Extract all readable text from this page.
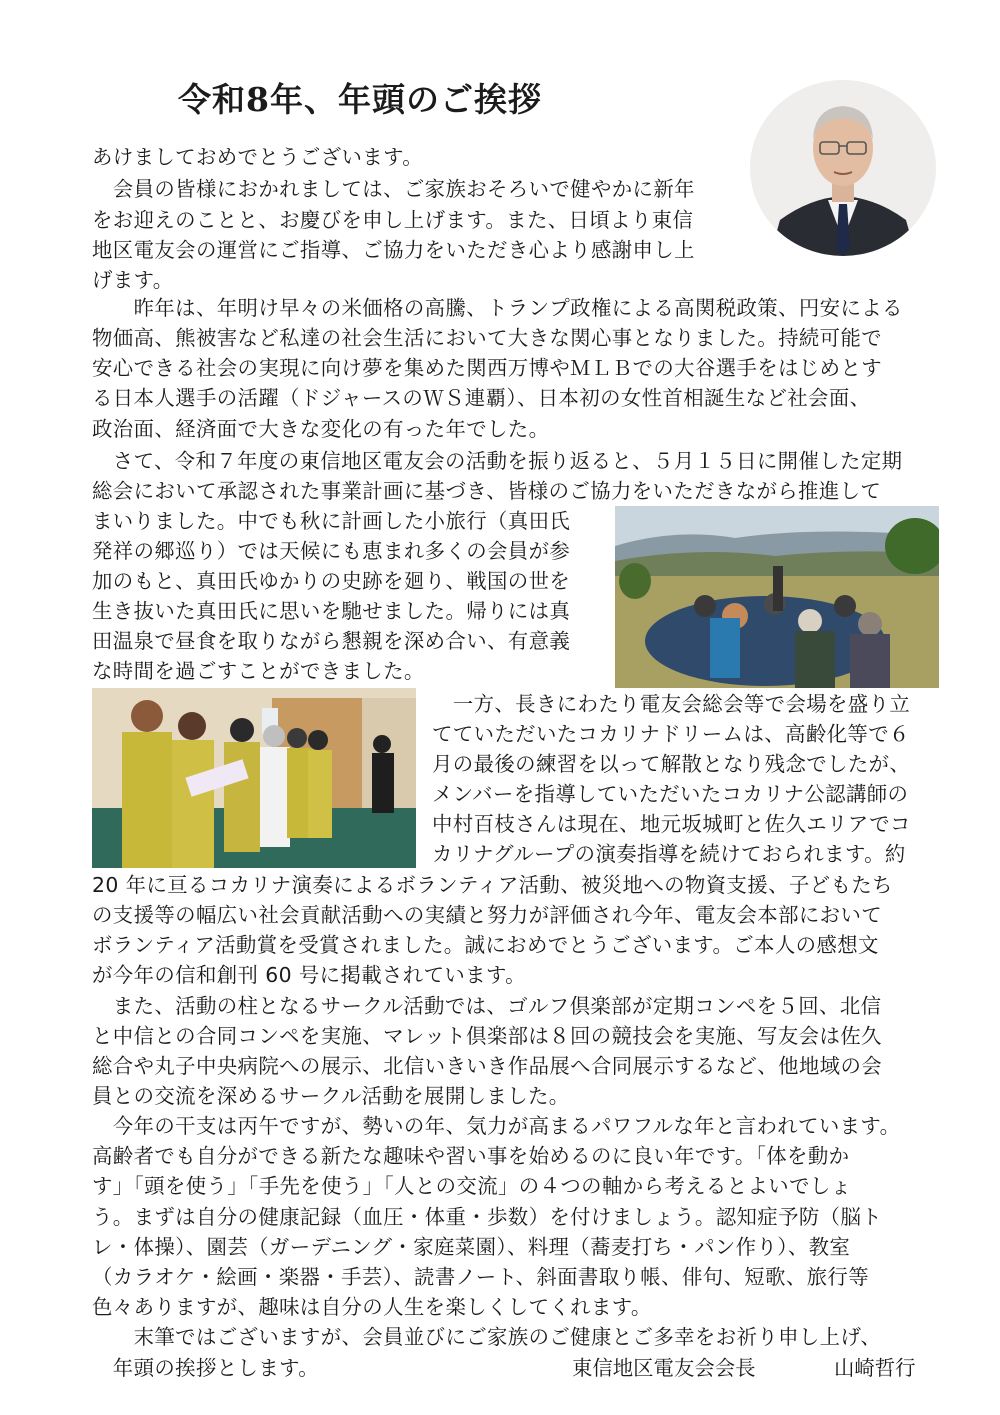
令和8年、年頭のご挨拶
あけましておめでとうございます。
　会員の皆様におかれましては、ご家族おそろいで健やかに新年
をお迎えのことと、お慶びを申し上げます。また、日頃より東信
地区電友会の運営にご指導、ご協力をいただき心より感謝申し上
げます。
　　昨年は、年明け早々の米価格の高騰、トランプ政権による高関税政策、円安による
物価高、熊被害など私達の社会生活において大きな関心事となりました。持続可能で
安心できる社会の実現に向け夢を集めた関西万博やＭＬＢでの大谷選手をはじめとす
る日本人選手の活躍（ドジャースのＷＳ連覇）、日本初の女性首相誕生など社会面、
政治面、経済面で大きな変化の有った年でした。
　さて、令和７年度の東信地区電友会の活動を振り返ると、５月１５日に開催した定期
総会において承認された事業計画に基づき、皆様のご協力をいただきながら推進して
まいりました。中でも秋に計画した小旅行（真田氏
発祥の郷巡り）では天候にも恵まれ多くの会員が参
加のもと、真田氏ゆかりの史跡を廻り、戦国の世を
生き抜いた真田氏に思いを馳せました。帰りには真
田温泉で昼食を取りながら懇親を深め合い、有意義
な時間を過ごすことができました。
　一方、長きにわたり電友会総会等で会場を盛り立
てていただいたコカリナドリームは、高齢化等で６
月の最後の練習を以って解散となり残念でしたが、
メンバーを指導していただいたコカリナ公認講師の
中村百枝さんは現在、地元坂城町と佐久エリアでコ
カリナグループの演奏指導を続けておられます。約
20 年に亘るコカリナ演奏によるボランティア活動、被災地への物資支援、子どもたち
の支援等の幅広い社会貢献活動への実績と努力が評価され今年、電友会本部において
ボランティア活動賞を受賞されました。誠におめでとうございます。ご本人の感想文
が今年の信和創刊 60 号に掲載されています。
　また、活動の柱となるサークル活動では、ゴルフ倶楽部が定期コンペを５回、北信
と中信との合同コンペを実施、マレット倶楽部は８回の競技会を実施、写友会は佐久
総合や丸子中央病院への展示、北信いきいき作品展へ合同展示するなど、他地域の会
員との交流を深めるサークル活動を展開しました。
　今年の干支は丙午ですが、勢いの年、気力が高まるパワフルな年と言われています。
高齢者でも自分ができる新たな趣味や習い事を始めるのに良い年です。「体を動か
す」「頭を使う」「手先を使う」「人との交流」の４つの軸から考えるとよいでしょ
う。まずは自分の健康記録（血圧・体重・歩数）を付けましょう。認知症予防（脳ト
レ・体操）、園芸（ガーデニング・家庭菜園）、料理（蕎麦打ち・パン作り）、教室
（カラオケ・絵画・楽器・手芸）、読書ノート、斜面書取り帳、俳句、短歌、旅行等
色々ありますが、趣味は自分の人生を楽しくしてくれます。
　　末筆ではございますが、会員並びにご家族のご健康とご多幸をお祈り申し上げ、
　年頭の挨拶とします。	東信地区電友会会長	山崎哲行
